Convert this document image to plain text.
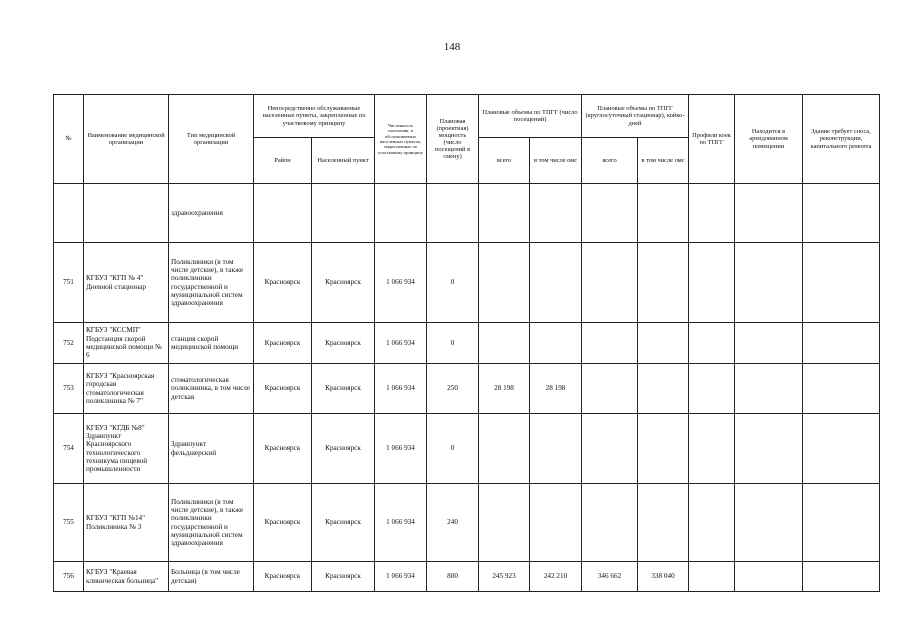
148
№	Наименование медицинской организации	Тип медицинской организации	Непосредственно обслуживаемые населенные пункты, закрепленные по участковому принципу		Численность населения, в обслуживаемых населенных пунктах, закрепленных по участковому принципу	Плановая (проектная) мощность (число посещений в смену)	Плановые объемы по ТПГГ (число посещений)		Плановые объемы по ТПГГ (круглосуточный стационар), койко-дней		Профили коек по ТПГГ	Находится в арендованном помещении	Здание требует сноса, реконструкции, капитального ремонта
			Район	Населенный пункт			всего	в том числе омс	всего	в том числе омс			
		здравоохранения											
751	КГБУЗ "КГП № 4" Дневной стационар	Поликлиники (в том числе детские), в также поликлиники государственной и муниципальной систем здравоохранения	Красноярск	Красноярск	1 066 934	0							
752	КГБУЗ "КССМП" Подстанция скорой медицинской помощи № 6	станция скорой медицинской помощи	Красноярск	Красноярск	1 066 934	0							
753	КГБУЗ "Красноярская городская стоматологическая поликлиника № 7"	стоматологическая поликлиника, в том числе детская	Красноярск	Красноярск	1 066 934	250	28 198	28 198					
754	КГБУЗ "КГДБ №8" Здравпункт Красноярского технологического техникума пищевой промышленности	Здравпункт фельдшерский	Красноярск	Красноярск	1 066 934	0							
755	КГБУЗ "КГП №14" Поликлиника № 3	Поликлиники (в том числе детские), в также поликлиники государственной и муниципальной систем здравоохранения	Красноярск	Красноярск	1 066 934	240							
756	КГБУЗ "Краевая клиническая больница"	Больница (в том числе детская)	Красноярск	Красноярск	1 066 934	800	245 923	242 210	346 662	338 040			
